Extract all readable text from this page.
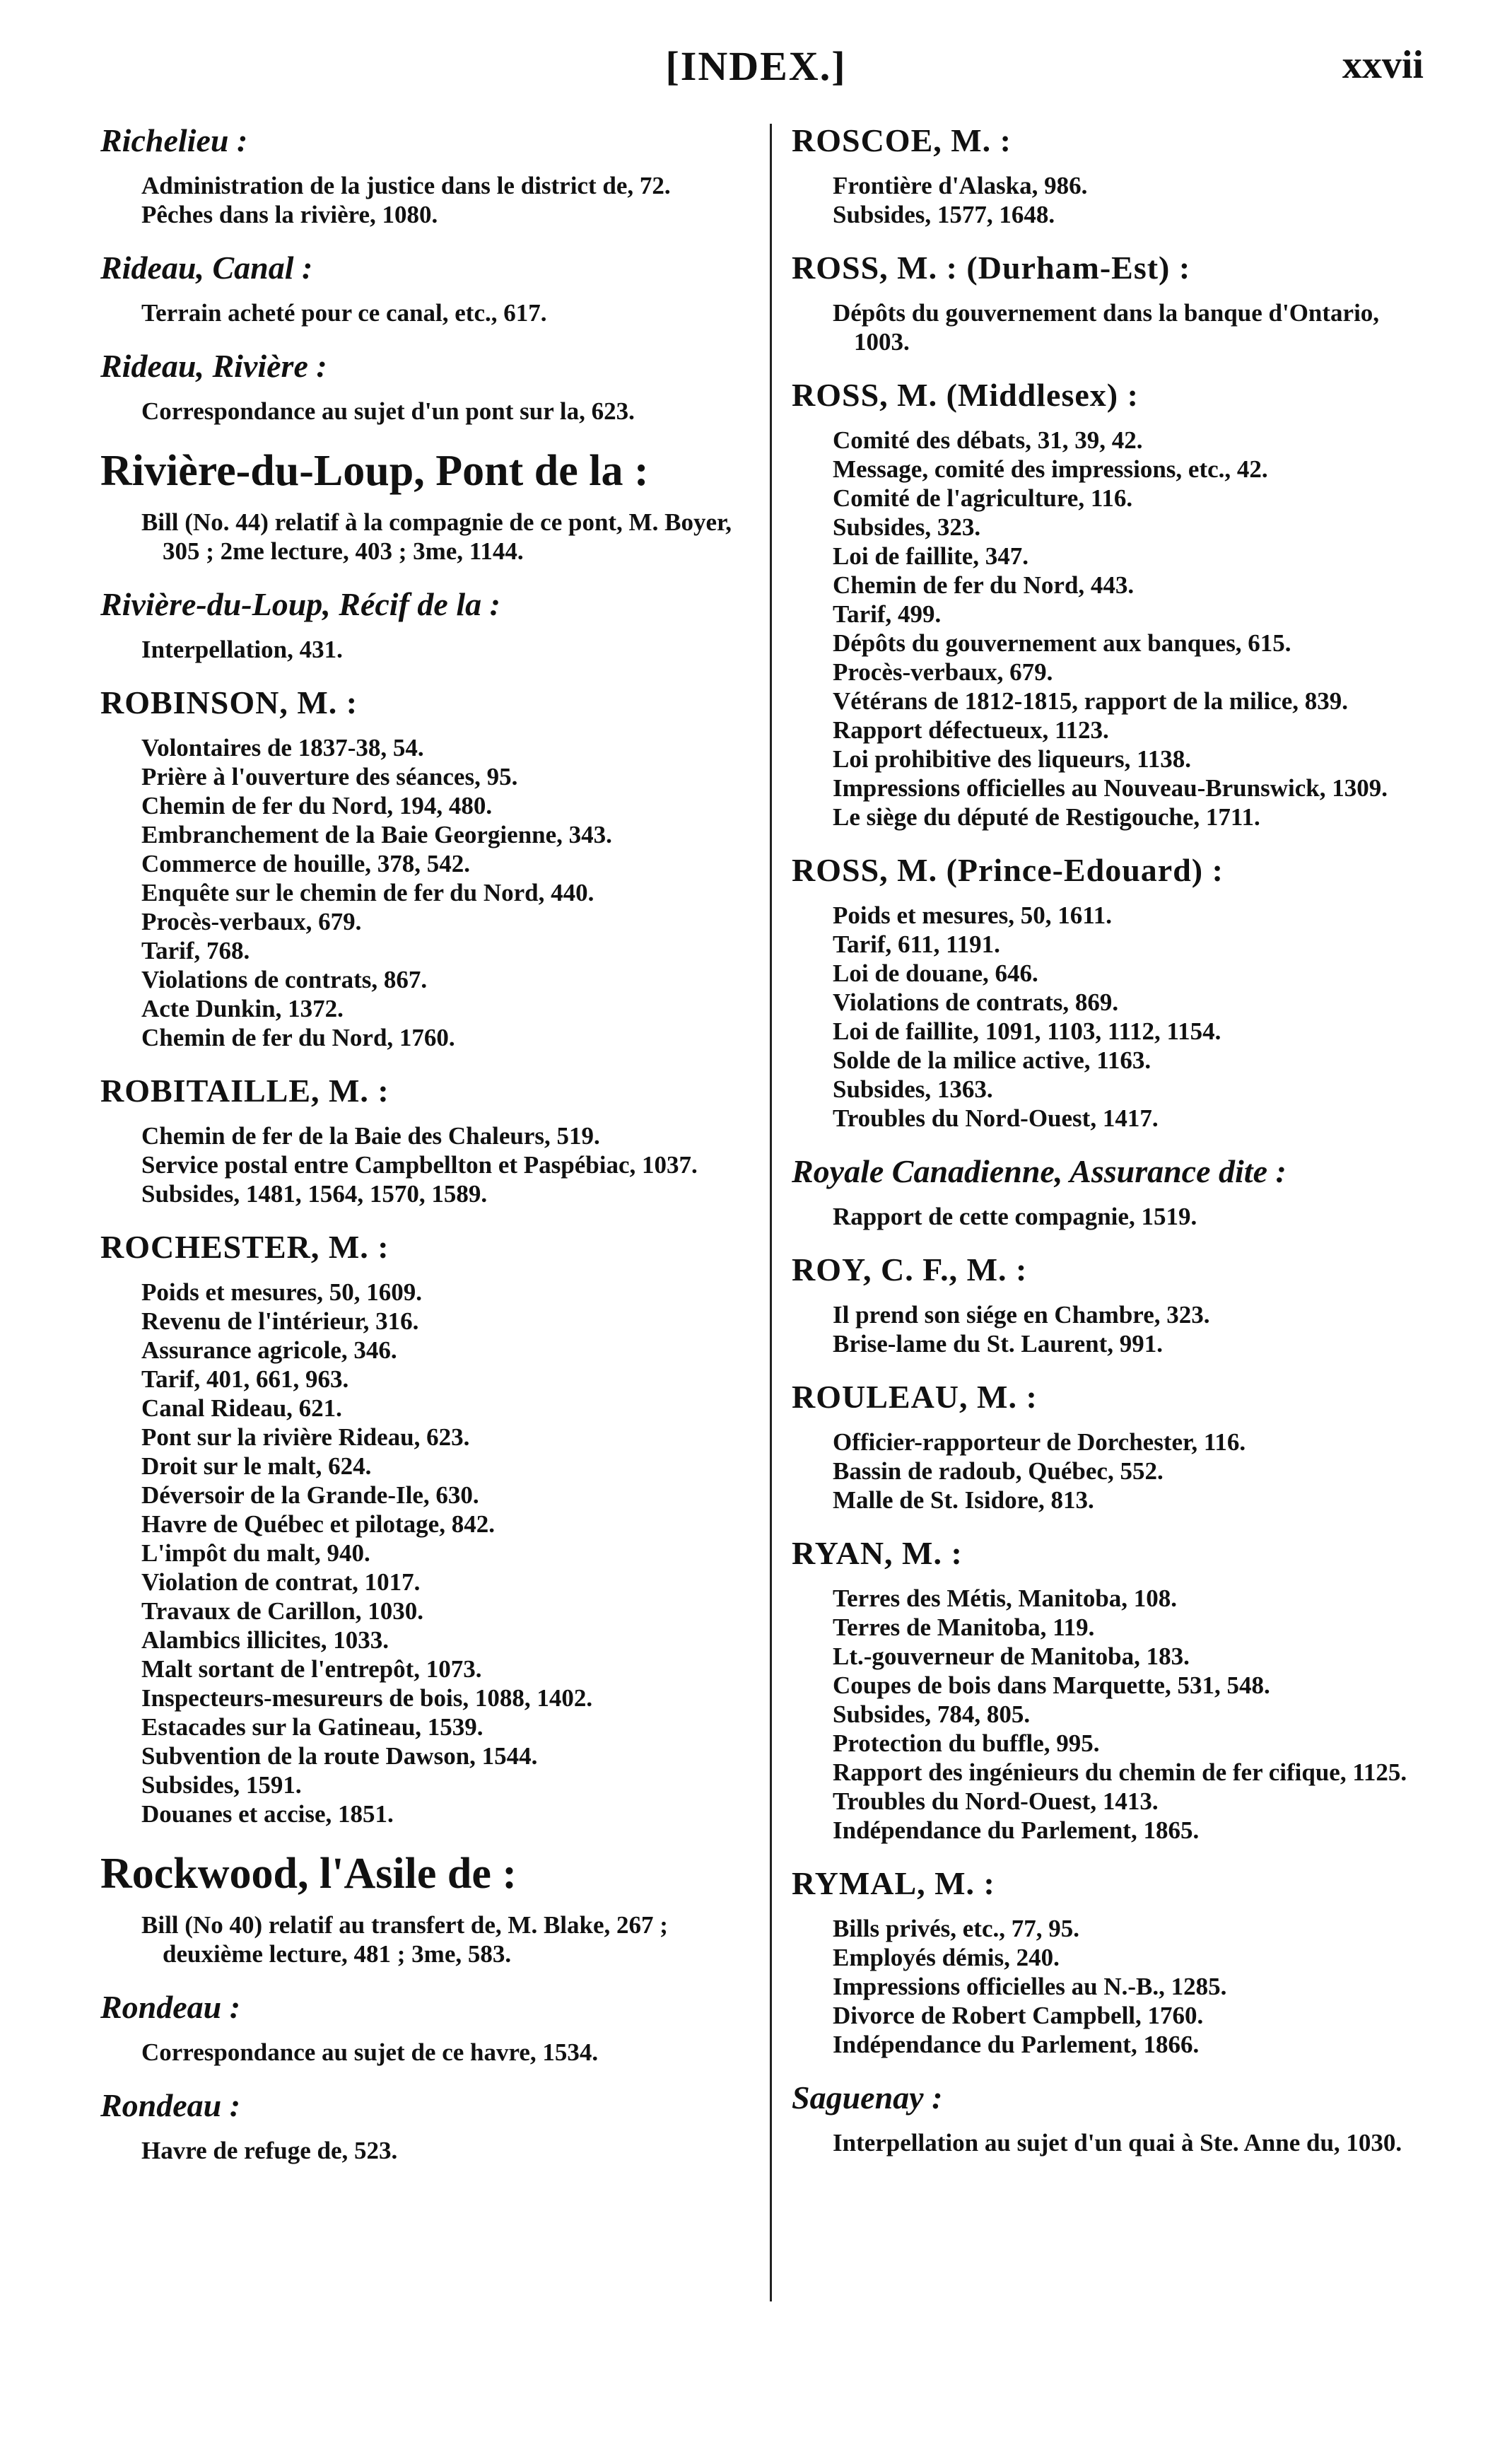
[INDEX.]	xxvii
Richelieu :
Administration de la justice dans le district de, 72.
Pêches dans la rivière, 1080.
Rideau, Canal :
Terrain acheté pour ce canal, etc., 617.
Rideau, Rivière :
Correspondance au sujet d'un pont sur la, 623.
Rivière-du-Loup, Pont de la :
Bill (No. 44) relatif à la compagnie de ce pont, M. Boyer, 305 ; 2me lecture, 403 ; 3me, 1144.
Rivière-du-Loup, Récif de la :
Interpellation, 431.
ROBINSON, M. :
Volontaires de 1837-38, 54.
Prière à l'ouverture des séances, 95.
Chemin de fer du Nord, 194, 480.
Embranchement de la Baie Georgienne, 343.
Commerce de houille, 378, 542.
Enquête sur le chemin de fer du Nord, 440.
Procès-verbaux, 679.
Tarif, 768.
Violations de contrats, 867.
Acte Dunkin, 1372.
Chemin de fer du Nord, 1760.
ROBITAILLE, M. :
Chemin de fer de la Baie des Chaleurs, 519.
Service postal entre Campbellton et Paspébiac, 1037.
Subsides, 1481, 1564, 1570, 1589.
ROCHESTER, M. :
Poids et mesures, 50, 1609.
Revenu de l'intérieur, 316.
Assurance agricole, 346.
Tarif, 401, 661, 963.
Canal Rideau, 621.
Pont sur la rivière Rideau, 623.
Droit sur le malt, 624.
Déversoir de la Grande-Ile, 630.
Havre de Québec et pilotage, 842.
L'impôt du malt, 940.
Violation de contrat, 1017.
Travaux de Carillon, 1030.
Alambics illicites, 1033.
Malt sortant de l'entrepôt, 1073.
Inspecteurs-mesureurs de bois, 1088, 1402.
Estacades sur la Gatineau, 1539.
Subvention de la route Dawson, 1544.
Subsides, 1591.
Douanes et accise, 1851.
Rockwood, l'Asile de :
Bill (No 40) relatif au transfert de, M. Blake, 267 ; deuxième lecture, 481 ; 3me, 583.
Rondeau :
Correspondance au sujet de ce havre, 1534.
Rondeau :
Havre de refuge de, 523.
ROSCOE, M. :
Frontière d'Alaska, 986.
Subsides, 1577, 1648.
ROSS, M. : (Durham-Est) :
Dépôts du gouvernement dans la banque d'Ontario, 1003.
ROSS, M. (Middlesex) :
Comité des débats, 31, 39, 42.
Message, comité des impressions, etc., 42.
Comité de l'agriculture, 116.
Subsides, 323.
Loi de faillite, 347.
Chemin de fer du Nord, 443.
Tarif, 499.
Dépôts du gouvernement aux banques, 615.
Procès-verbaux, 679.
Vétérans de 1812-1815, rapport de la milice, 839.
Rapport défectueux, 1123.
Loi prohibitive des liqueurs, 1138.
Impressions officielles au Nouveau-Brunswick, 1309.
Le siège du député de Restigouche, 1711.
ROSS, M. (Prince-Edouard) :
Poids et mesures, 50, 1611.
Tarif, 611, 1191.
Loi de douane, 646.
Violations de contrats, 869.
Loi de faillite, 1091, 1103, 1112, 1154.
Solde de la milice active, 1163.
Subsides, 1363.
Troubles du Nord-Ouest, 1417.
Royale Canadienne, Assurance dite :
Rapport de cette compagnie, 1519.
ROY, C. F., M. :
Il prend son siége en Chambre, 323.
Brise-lame du St. Laurent, 991.
ROULEAU, M. :
Officier-rapporteur de Dorchester, 116.
Bassin de radoub, Québec, 552.
Malle de St. Isidore, 813.
RYAN, M. :
Terres des Métis, Manitoba, 108.
Terres de Manitoba, 119.
Lt.-gouverneur de Manitoba, 183.
Coupes de bois dans Marquette, 531, 548.
Subsides, 784, 805.
Protection du buffle, 995.
Rapport des ingénieurs du chemin de fer cifique, 1125.
Troubles du Nord-Ouest, 1413.
Indépendance du Parlement, 1865.
RYMAL, M. :
Bills privés, etc., 77, 95.
Employés démis, 240.
Impressions officielles au N.-B., 1285.
Divorce de Robert Campbell, 1760.
Indépendance du Parlement, 1866.
Saguenay :
Interpellation au sujet d'un quai à Ste. Anne du, 1030.
